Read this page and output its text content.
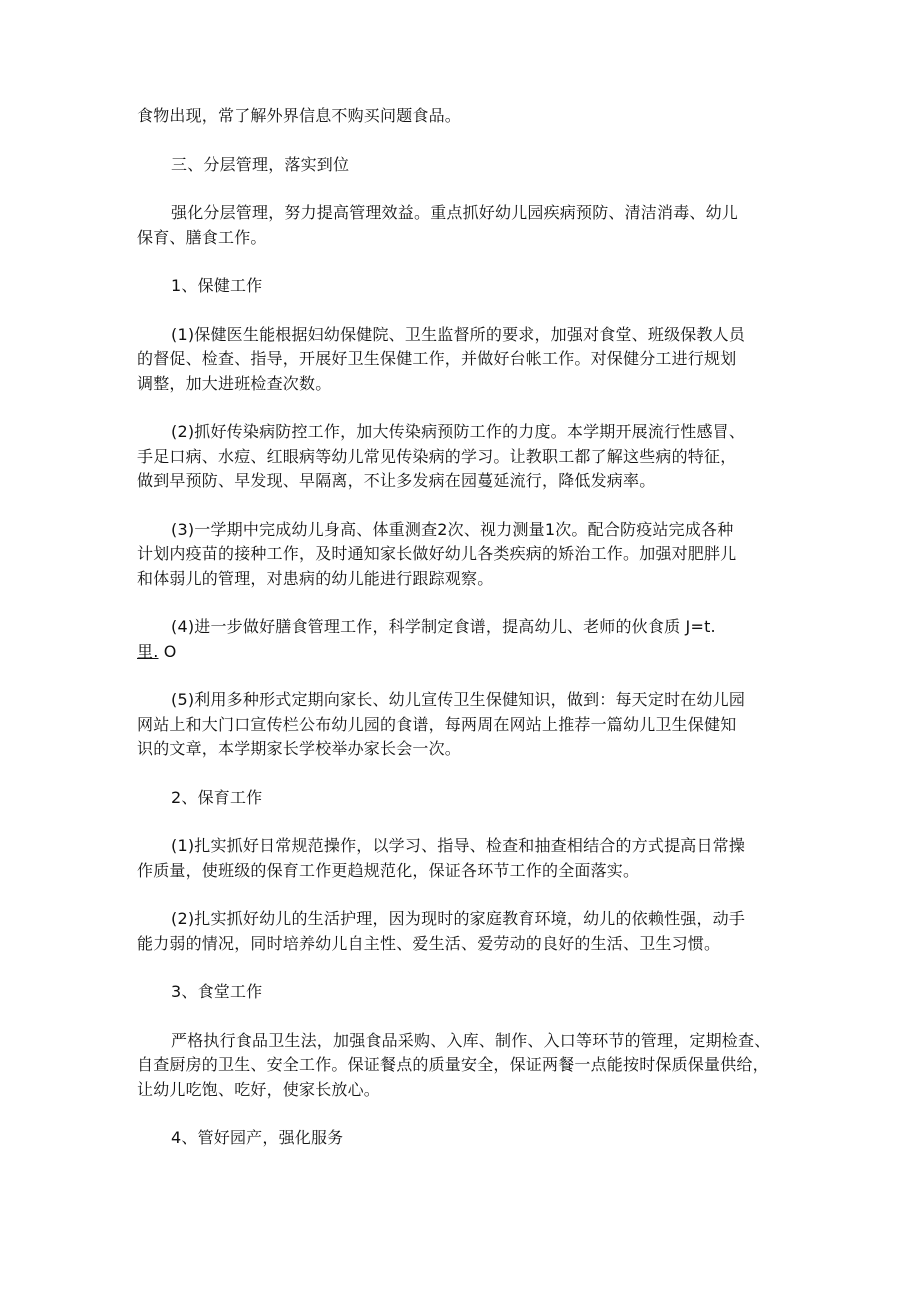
食物出现，常了解外界信息不购买问题食品。

三、分层管理，落实到位

强化分层管理，努力提高管理效益。重点抓好幼儿园疾病预防、清洁消毒、幼儿

保育、膳食工作。

1、保健工作

(1)保健医生能根据妇幼保健院、卫生监督所的要求，加强对食堂、班级保教人员

的督促、检查、指导，开展好卫生保健工作，并做好台帐工作。对保健分工进行规划

调整，加大进班检查次数。

(2)抓好传染病防控工作，加大传染病预防工作的力度。本学期开展流行性感冒、

手足口病、水痘、红眼病等幼儿常见传染病的学习。让教职工都了解这些病的特征，

做到早预防、早发现、早隔离，不让多发病在园蔓延流行，降低发病率。

(3)一学期中完成幼儿身高、体重测查2次、视力测量1次。配合防疫站完成各种

计划内疫苗的接种工作，及时通知家长做好幼儿各类疾病的矫治工作。加强对肥胖儿

和体弱儿的管理，对患病的幼儿能进行跟踪观察。

(4)进一步做好膳食管理工作，科学制定食谱，提高幼儿、老师的伙食质 J=t.

里. O

(5)利用多种形式定期向家长、幼儿宣传卫生保健知识，做到：每天定时在幼儿园

网站上和大门口宣传栏公布幼儿园的食谱，每两周在网站上推荐一篇幼儿卫生保健知

识的文章，本学期家长学校举办家长会一次。

2、保育工作

(1)扎实抓好日常规范操作，以学习、指导、检查和抽查相结合的方式提高日常操

作质量，使班级的保育工作更趋规范化，保证各环节工作的全面落实。

(2)扎实抓好幼儿的生活护理，因为现时的家庭教育环境，幼儿的依赖性强，动手

能力弱的情况，同时培养幼儿自主性、爱生活、爱劳动的良好的生活、卫生习惯。

3、食堂工作

严格执行食品卫生法，加强食品采购、入库、制作、入口等环节的管理，定期检查、

自查厨房的卫生、安全工作。保证餐点的质量安全，保证两餐一点能按时保质保量供给，

让幼儿吃饱、吃好，使家长放心。

4、管好园产，强化服务
